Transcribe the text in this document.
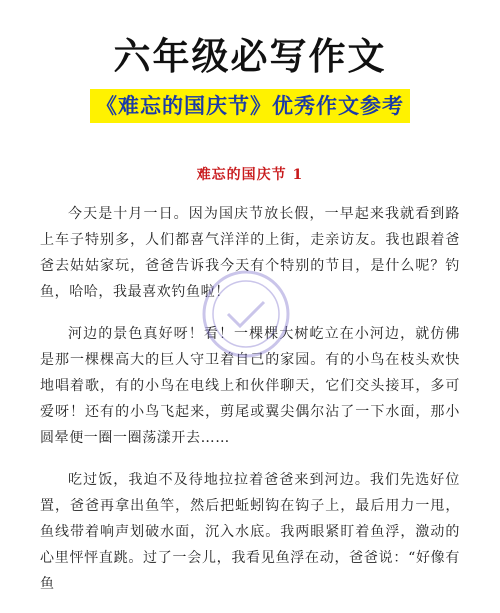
六年级必写作文
《难忘的国庆节》优秀作文参考
难忘的国庆节 1

今天是十月一日。因为国庆节放长假，一早起来我就看到路上车子特别多，人们都喜气洋洋的上街，走亲访友。我也跟着爸爸去姑姑家玩，爸爸告诉我今天有个特别的节目，是什么呢？钓鱼，哈哈，我最喜欢钓鱼啦！

河边的景色真好呀！看！一棵棵大树屹立在小河边，就仿佛是那一棵棵高大的巨人守卫着自己的家园。有的小鸟在枝头欢快地唱着歌，有的小鸟在电线上和伙伴聊天，它们交头接耳，多可爱呀！还有的小鸟飞起来，剪尾或翼尖偶尔沾了一下水面，那小圆晕便一圈一圈荡漾开去……

吃过饭，我迫不及待地拉拉着爸爸来到河边。我们先选好位置，爸爸再拿出鱼竿，然后把蚯蚓钩在钩子上，最后用力一甩，鱼线带着响声划破水面，沉入水底。我两眼紧盯着鱼浮，激动的心里怦怦直跳。过了一会儿，我看见鱼浮在动，爸爸说：“好像有鱼
